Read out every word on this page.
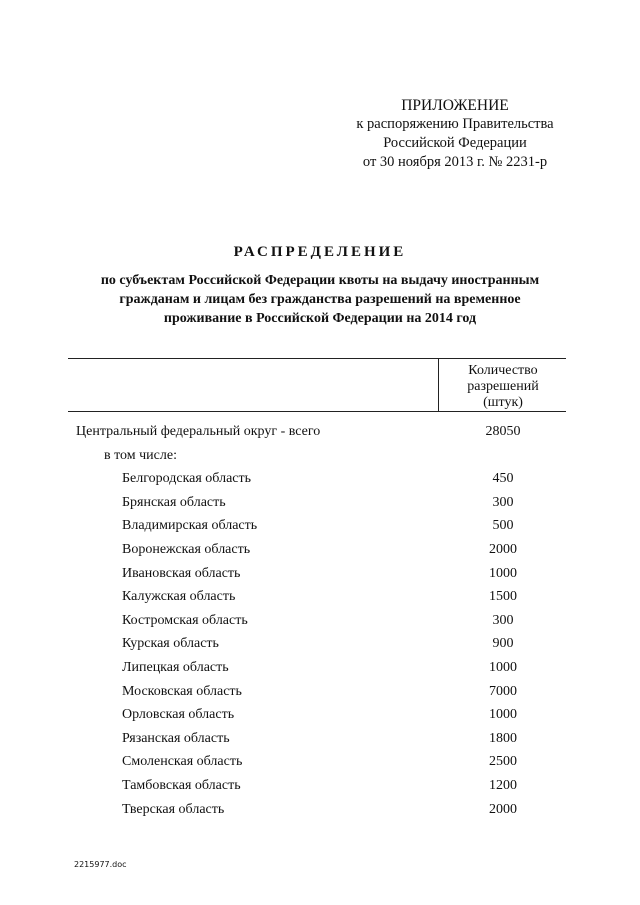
ПРИЛОЖЕНИЕ
к распоряжению Правительства
Российской Федерации
от 30 ноября 2013 г. № 2231-р
РАСПРЕДЕЛЕНИЕ
по субъектам Российской Федерации квоты на выдачу иностранным
гражданам и лицам без гражданства разрешений на временное
проживание в Российской Федерации на 2014 год
Количество
разрешений
(штук)
Центральный федеральный округ - всего	28050
в том числе:
Белгородская область	450
Брянская область	300
Владимирская область	500
Воронежская область	2000
Ивановская область	1000
Калужская область	1500
Костромская область	300
Курская область	900
Липецкая область	1000
Московская область	7000
Орловская область	1000
Рязанская область	1800
Смоленская область	2500
Тамбовская область	1200
Тверская область	2000
2215977.doc
